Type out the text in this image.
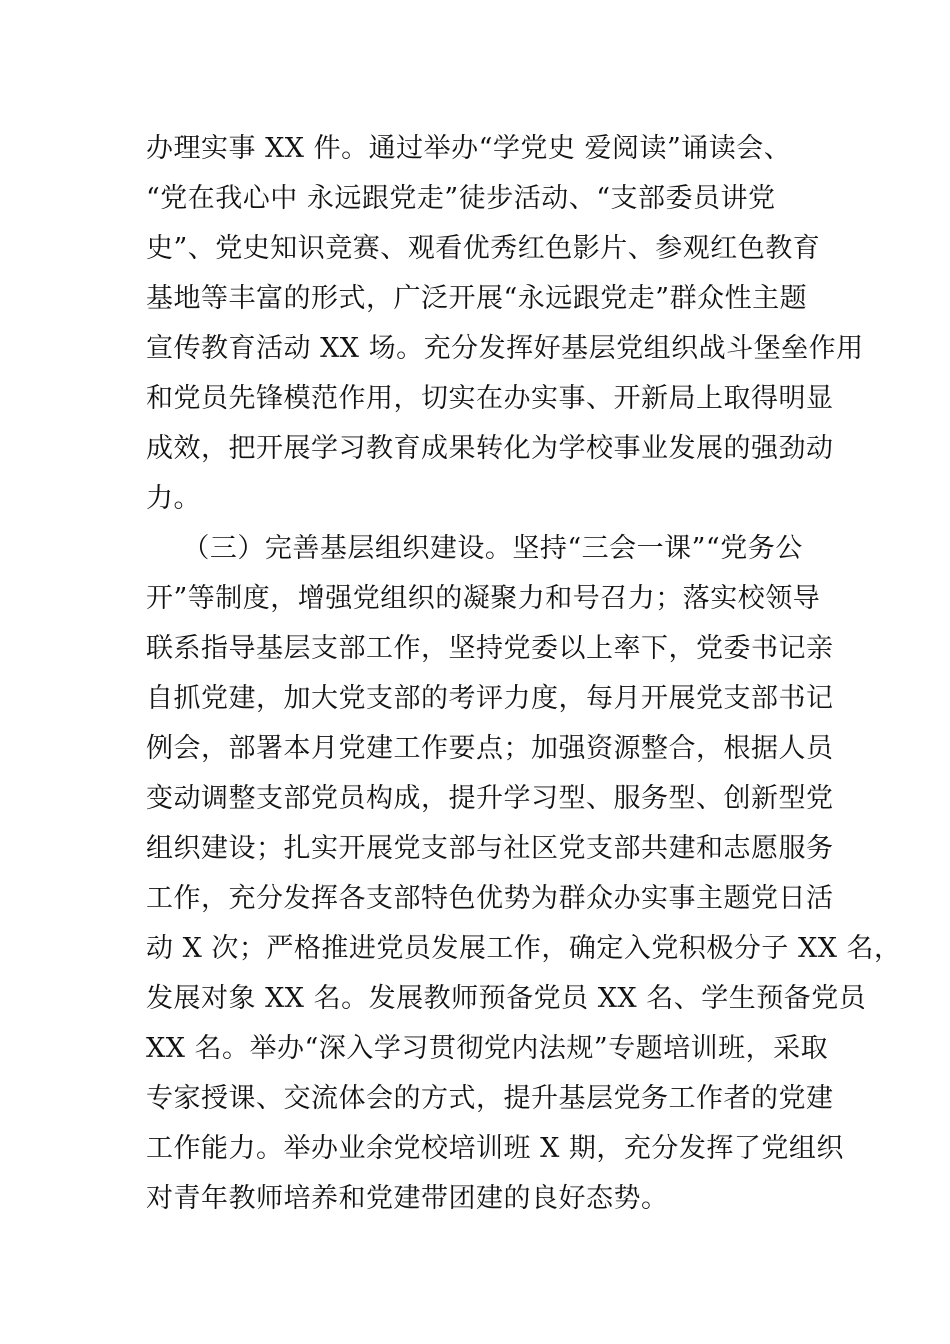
办理实事 XX 件。通过举办“学党史 爱阅读”诵读会、
“党在我心中 永远跟党走”徒步活动、“支部委员讲党
史”、党史知识竞赛、观看优秀红色影片、参观红色教育
基地等丰富的形式，广泛开展“永远跟党走”群众性主题
宣传教育活动 XX 场。充分发挥好基层党组织战斗堡垒作用
和党员先锋模范作用，切实在办实事、开新局上取得明显
成效，把开展学习教育成果转化为学校事业发展的强劲动
力。
（三）完善基层组织建设。坚持“三会一课”“党务公
开”等制度，增强党组织的凝聚力和号召力；落实校领导
联系指导基层支部工作，坚持党委以上率下，党委书记亲
自抓党建，加大党支部的考评力度，每月开展党支部书记
例会，部署本月党建工作要点；加强资源整合，根据人员
变动调整支部党员构成，提升学习型、服务型、创新型党
组织建设；扎实开展党支部与社区党支部共建和志愿服务
工作，充分发挥各支部特色优势为群众办实事主题党日活
动 X 次；严格推进党员发展工作，确定入党积极分子 XX 名，
发展对象 XX 名。发展教师预备党员 XX 名、学生预备党员
XX 名。举办“深入学习贯彻党内法规”专题培训班，采取
专家授课、交流体会的方式，提升基层党务工作者的党建
工作能力。举办业余党校培训班 X 期，充分发挥了党组织
对青年教师培养和党建带团建的良好态势。
